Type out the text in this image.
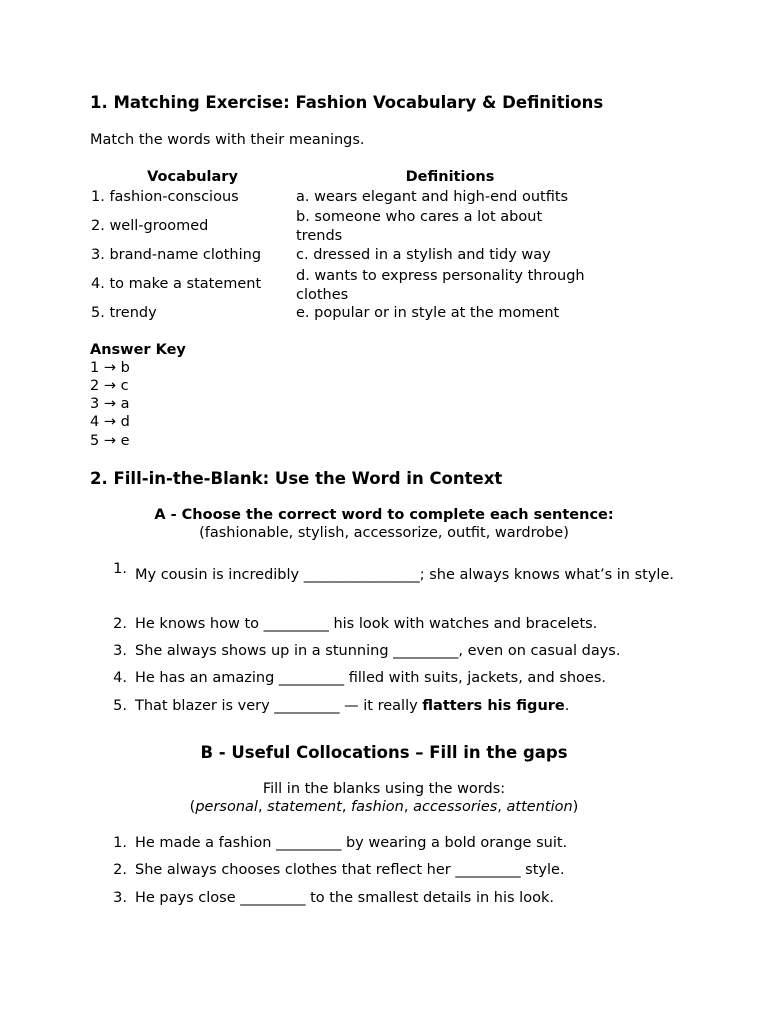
1. Matching Exercise: Fashion Vocabulary & Definitions
Match the words with their meanings.
Vocabulary	Definitions
1. fashion-conscious
2. well-groomed
3. brand-name clothing
4. to make a statement
5. trendy
a. wears elegant and high-end outfits
b. someone who cares a lot about trends
c. dressed in a stylish and tidy way
d. wants to express personality through clothes
e. popular or in style at the moment
Answer Key
1 → b
2 → c
3 → a
4 → d
5 → e
2. Fill-in-the-Blank: Use the Word in Context
A - Choose the correct word to complete each sentence:
(fashionable, stylish, accessorize, outfit, wardrobe)
1. My cousin is incredibly ________________; she always knows what’s in style.
2. He knows how to _________ his look with watches and bracelets.
3. She always shows up in a stunning _________, even on casual days.
4. He has an amazing _________ filled with suits, jackets, and shoes.
5. That blazer is very _________ — it really flatters his figure.
B - Useful Collocations – Fill in the gaps
Fill in the blanks using the words:
(personal, statement, fashion, accessories, attention)
1. He made a fashion _________ by wearing a bold orange suit.
2. She always chooses clothes that reflect her _________ style.
3. He pays close _________ to the smallest details in his look.
